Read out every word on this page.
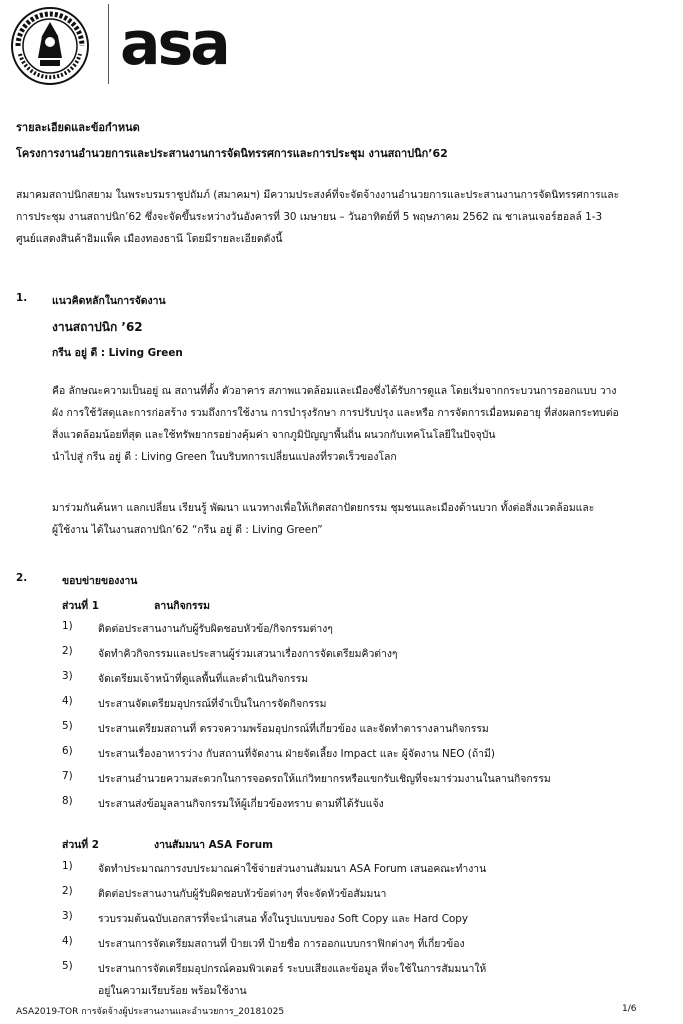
asa
รายละเอียดและข้อกำหนด
โครงการงานอำนวยการและประสานงานการจัดนิทรรศการและการประชุม งานสถาปนิก’62
สมาคมสถาปนิกสยาม ในพระบรมราชูปถัมภ์ (สมาคมฯ) มีความประสงค์ที่จะจัดจ้างงานอำนวยการและประสานงานการจัดนิทรรศการและ
การประชุม งานสถาปนิก’62 ซึ่งจะจัดขึ้นระหว่างวันอังคารที่ 30 เมษายน – วันอาทิตย์ที่ 5 พฤษภาคม 2562 ณ ชาเลนเจอร์ฮอลล์ 1-3
ศูนย์แสดงสินค้าอิมแพ็ค เมืองทองธานี โดยมีรายละเอียดดังนี้
1. แนวคิดหลักในการจัดงาน
งานสถาปนิก ’62
กรีน อยู่ ดี : Living Green
คือ ลักษณะความเป็นอยู่ ณ สถานที่ตั้ง ตัวอาคาร สภาพแวดล้อมและเมืองซึ่งได้รับการดูแล โดยเริ่มจากกระบวนการออกแบบ วาง
ผัง การใช้วัสดุและการก่อสร้าง รวมถึงการใช้งาน การบำรุงรักษา การปรับปรุง และหรือ การจัดการเมื่อหมดอายุ ที่ส่งผลกระทบต่อ
สิ่งแวดล้อมน้อยที่สุด และใช้ทรัพยากรอย่างคุ้มค่า จากภูมิปัญญาพื้นถิ่น ผนวกกับเทคโนโลยีในปัจจุบัน
นำไปสู่ กรีน อยู่ ดี : Living Green ในบริบทการเปลี่ยนแปลงที่รวดเร็วของโลก
มาร่วมกันค้นหา แลกเปลี่ยน เรียนรู้ พัฒนา แนวทางเพื่อให้เกิดสถาปัตยกรรม ชุมชนและเมืองด้านบวก ทั้งต่อสิ่งแวดล้อมและ
ผู้ใช้งาน ได้ในงานสถาปนิก’62 “กรีน อยู่ ดี : Living Green”
2.	ขอบข่ายของงาน
ส่วนที่ 1	ลานกิจกรรม
1) ติดต่อประสานงานกับผู้รับผิดชอบหัวข้อ/กิจกรรมต่างๆ
2) จัดทำคิวกิจกรรมและประสานผู้ร่วมเสวนาเรื่องการจัดเตรียมคิวต่างๆ
3) จัดเตรียมเจ้าหน้าที่ดูแลพื้นที่และดำเนินกิจกรรม
4) ประสานจัดเตรียมอุปกรณ์ที่จำเป็นในการจัดกิจกรรม
5) ประสานเตรียมสถานที่ ตรวจความพร้อมอุปกรณ์ที่เกี่ยวข้อง และจัดทำตารางลานกิจกรรม
6) ประสานเรื่องอาหารว่าง กับสถานที่จัดงาน ฝ่ายจัดเลี้ยง Impact และ ผู้จัดงาน NEO (ถ้ามี)
7) ประสานอำนวยความสะดวกในการจอดรถให้แก่วิทยากรหรือแขกรับเชิญที่จะมาร่วมงานในลานกิจกรรม
8) ประสานส่งข้อมูลลานกิจกรรมให้ผู้เกี่ยวข้องทราบ ตามที่ได้รับแจ้ง
ส่วนที่ 2	งานสัมมนา ASA Forum
1) จัดทำประมาณการงบประมาณค่าใช้จ่ายส่วนงานสัมมนา ASA Forum เสนอคณะทำงาน
2) ติดต่อประสานงานกับผู้รับผิดชอบหัวข้อต่างๆ ที่จะจัดหัวข้อสัมมนา
3) รวบรวมต้นฉบับเอกสารที่จะนำเสนอ ทั้งในรูปแบบของ Soft Copy และ Hard Copy
4) ประสานการจัดเตรียมสถานที่ ป้ายเวที ป้ายชื่อ การออกแบบกราฟิกต่างๆ ที่เกี่ยวข้อง
5) ประสานการจัดเตรียมอุปกรณ์คอมพิวเตอร์ ระบบเสียงและข้อมูล ที่จะใช้ในการสัมมนาให้
อยู่ในความเรียบร้อย พร้อมใช้งาน
ASA2019-TOR การจัดจ้างผู้ประสานงานและอำนวยการ_20181025	1/6
